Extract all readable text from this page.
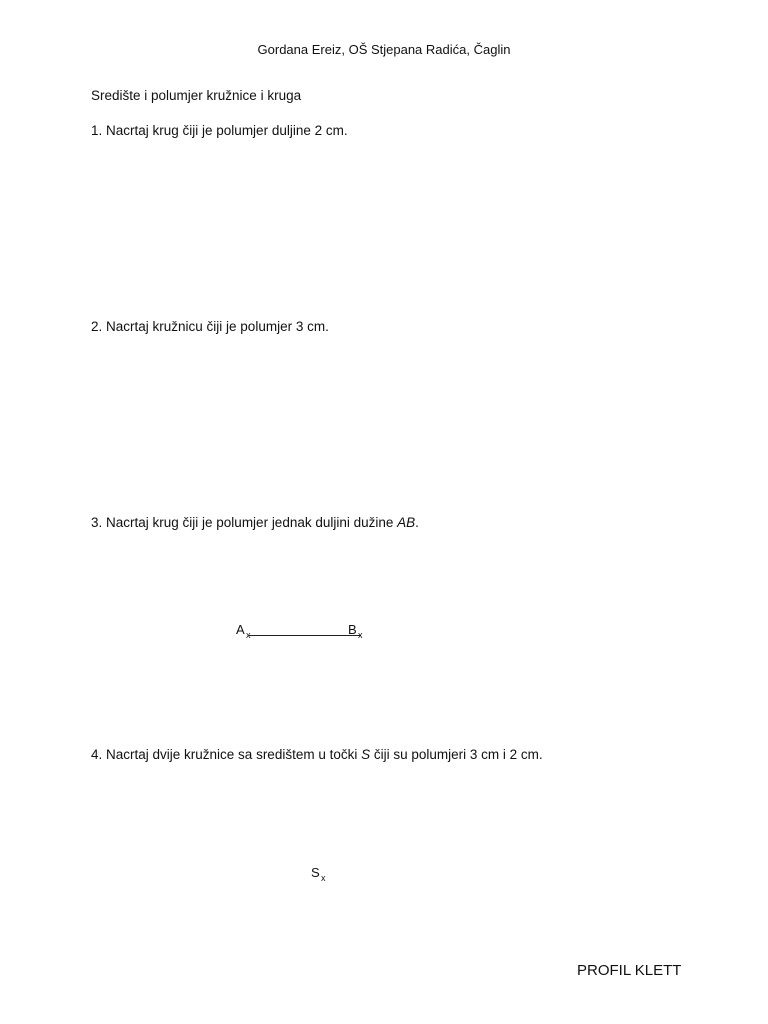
Gordana Ereiz, OŠ Stjepana Radića, Čaglin
Središte i polumjer kružnice i kruga
1. Nacrtaj krug čiji je polumjer duljine 2 cm.
2. Nacrtaj kružnicu čiji je polumjer 3 cm.
3. Nacrtaj krug čiji je polumjer jednak duljini dužine AB.
A x	B x
4. Nacrtaj dvije kružnice sa središtem u točki S čiji su polumjeri 3 cm i 2 cm.
S x
PROFIL KLETT
